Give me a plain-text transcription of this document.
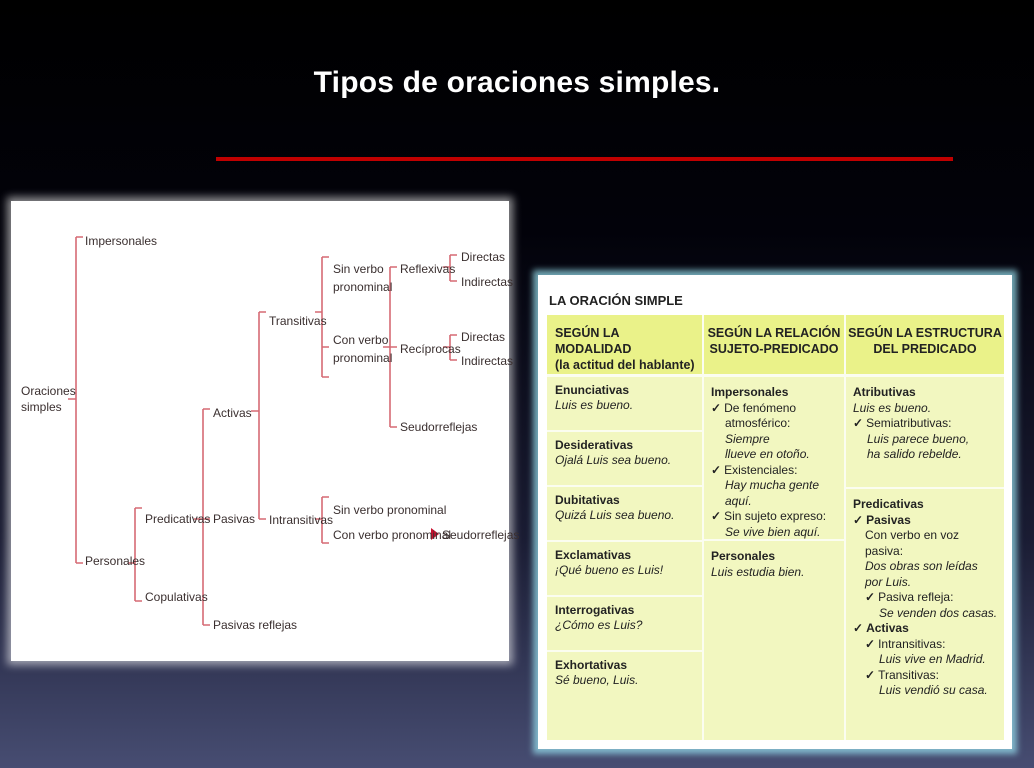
Tipos de oraciones simples.
Oraciones
simples
Impersonales
Personales
Predicativas
Copulativas
Activas
Pasivas
Pasivas reflejas
Transitivas
Intransitivas
Sin verbo
pronominal
Con verbo
pronominal
Reflexivas
Recíprocas
Seudorreflejas
Directas
Indirectas
Directas
Indirectas
Sin verbo pronominal
Con verbo pronominal
Seudorreflejas
LA ORACIÓN SIMPLE
SEGÚN LA MODALIDAD
(la actitud del hablante)
Enunciativas
Luis es bueno.
Desiderativas
Ojalá Luis sea bueno.
Dubitativas
Quizá Luis sea bueno.
Exclamativas
¡Qué bueno es Luis!
Interrogativas
¿Cómo es Luis?
Exhortativas
Sé bueno, Luis.
SEGÚN LA RELACIÓN
SUJETO-PREDICADO
Impersonales
✓ De fenómeno
atmosférico: Siempre
llueve en otoño.
✓ Existenciales:
Hay mucha gente aquí.
✓ Sin sujeto expreso:
Se vive bien aquí.
Personales
Luis estudia bien.
SEGÚN LA ESTRUCTURA
DEL PREDICADO
Atributivas
Luis es bueno.
✓ Semiatributivas:
Luis parece bueno,
ha salido rebelde.
Predicativas
✓ Pasivas
Con verbo en voz pasiva:
Dos obras son leídas
por Luis.
✓ Pasiva refleja:
Se venden dos casas.
✓ Activas
✓ Intransitivas:
Luis vive en Madrid.
✓ Transitivas:
Luis vendió su casa.
